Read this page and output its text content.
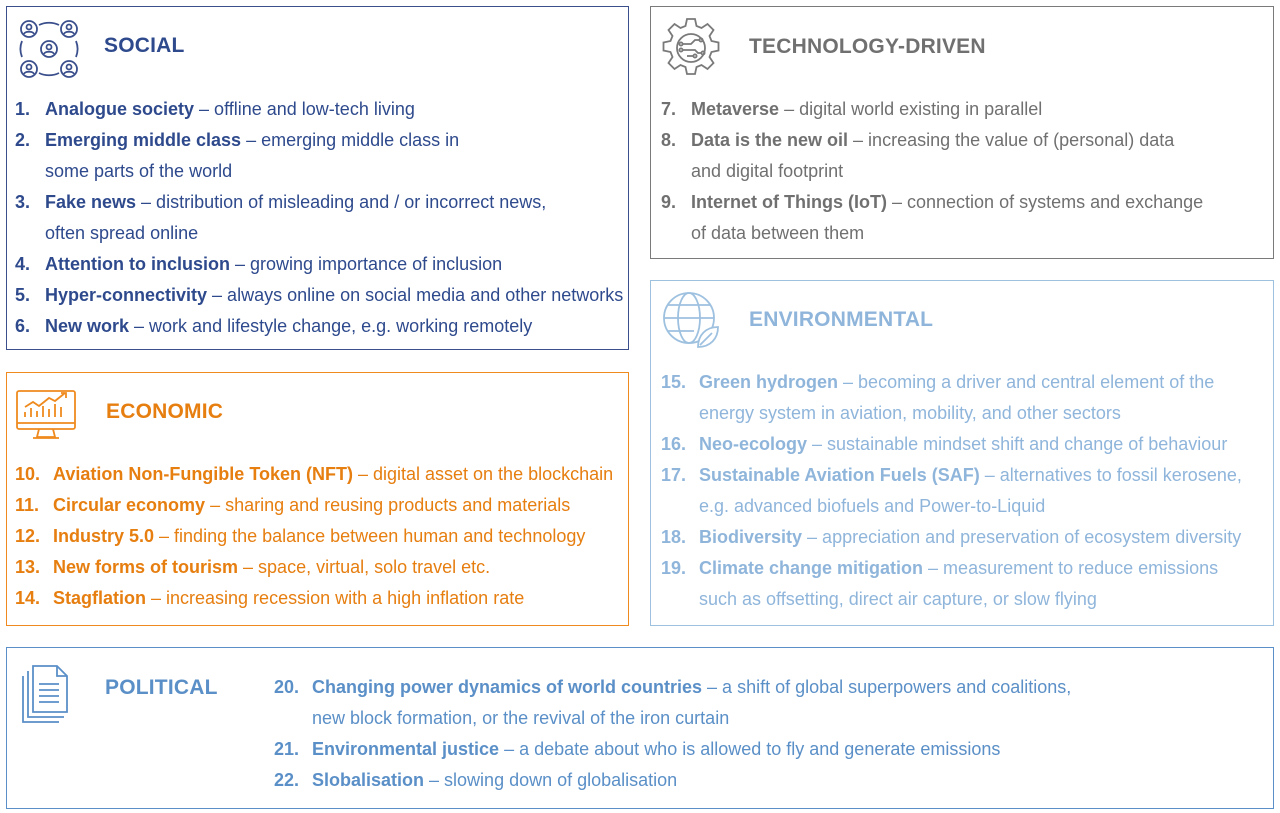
SOCIAL
1. Analogue society – offline and low-tech living
2. Emerging middle class – emerging middle class in
some parts of the world
3. Fake news – distribution of misleading and / or incorrect news,
often spread online
4. Attention to inclusion – growing importance of inclusion
5. Hyper-connectivity – always online on social media and other networks
6. New work – work and lifestyle change, e.g. working remotely
TECHNOLOGY-DRIVEN
7. Metaverse – digital world existing in parallel
8. Data is the new oil – increasing the value of (personal) data
and digital footprint
9. Internet of Things (IoT) – connection of systems and exchange
of data between them
ENVIRONMENTAL
15. Green hydrogen – becoming a driver and central element of the
energy system in aviation, mobility, and other sectors
16. Neo-ecology – sustainable mindset shift and change of behaviour
17. Sustainable Aviation Fuels (SAF) – alternatives to fossil kerosene,
e.g. advanced biofuels and Power-to-Liquid
18. Biodiversity – appreciation and preservation of ecosystem diversity
19. Climate change mitigation – measurement to reduce emissions
such as offsetting, direct air capture, or slow flying
ECONOMIC
10. Aviation Non-Fungible Token (NFT) – digital asset on the blockchain
11. Circular economy – sharing and reusing products and materials
12. Industry 5.0 – finding the balance between human and technology
13. New forms of tourism – space, virtual, solo travel etc.
14. Stagflation – increasing recession with a high inflation rate
POLITICAL	20. Changing power dynamics of world countries – a shift of global superpowers and coalitions,
new block formation, or the revival of the iron curtain
21. Environmental justice – a debate about who is allowed to fly and generate emissions
22. Slobalisation – slowing down of globalisation
